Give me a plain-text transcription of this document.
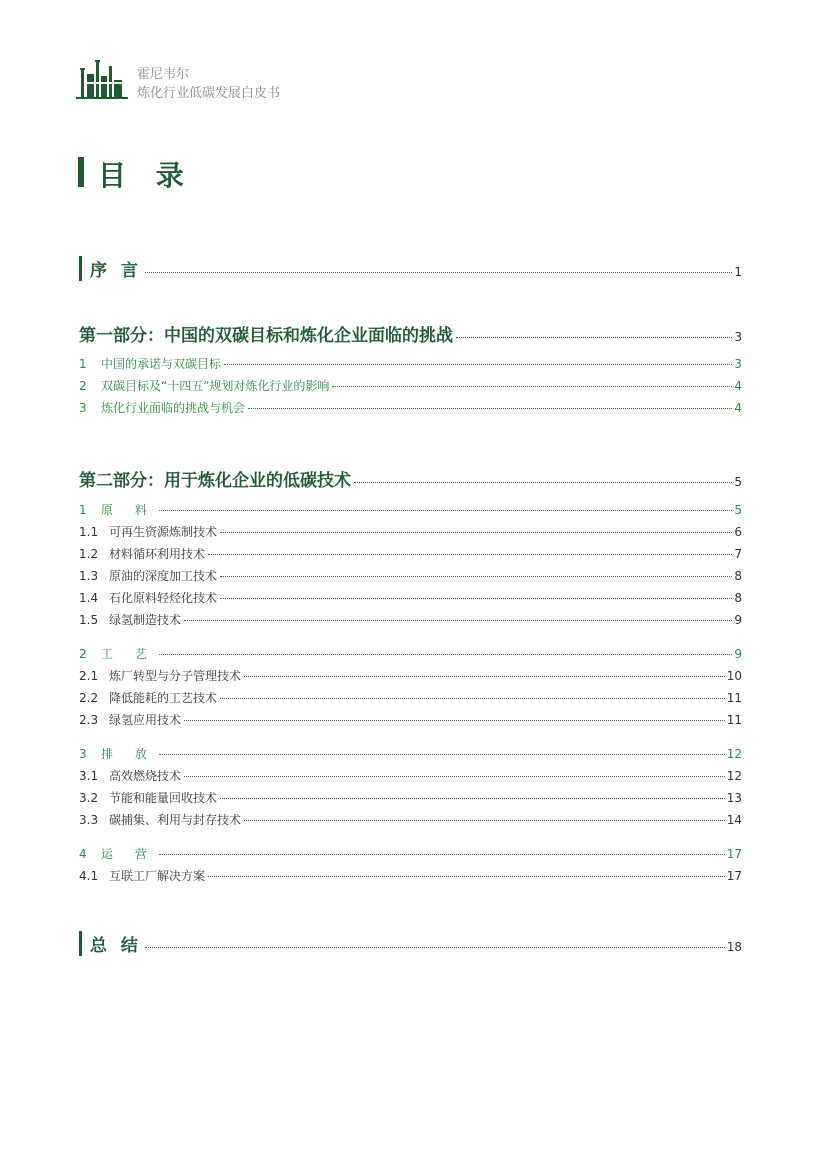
霍尼韦尔
炼化行业低碳发展白皮书
目 录
序 言	1
第一部分：中国的双碳目标和炼化企业面临的挑战	3
1 中国的承诺与双碳目标	3
2 双碳目标及“十四五”规划对炼化行业的影响	4
3 炼化行业面临的挑战与机会	4
第二部分：用于炼化企业的低碳技术	5
1 原 料	5
1.1 可再生资源炼制技术	6
1.2 材料循环利用技术	7
1.3 原油的深度加工技术	8
1.4 石化原料轻烃化技术	8
1.5 绿氢制造技术	9
2 工 艺	9
2.1 炼厂转型与分子管理技术	10
2.2 降低能耗的工艺技术	11
2.3 绿氢应用技术	11
3 排 放	12
3.1 高效燃烧技术	12
3.2 节能和能量回收技术	13
3.3 碳捕集、利用与封存技术	14
4 运 营	17
4.1 互联工厂解决方案	17
总 结	18
